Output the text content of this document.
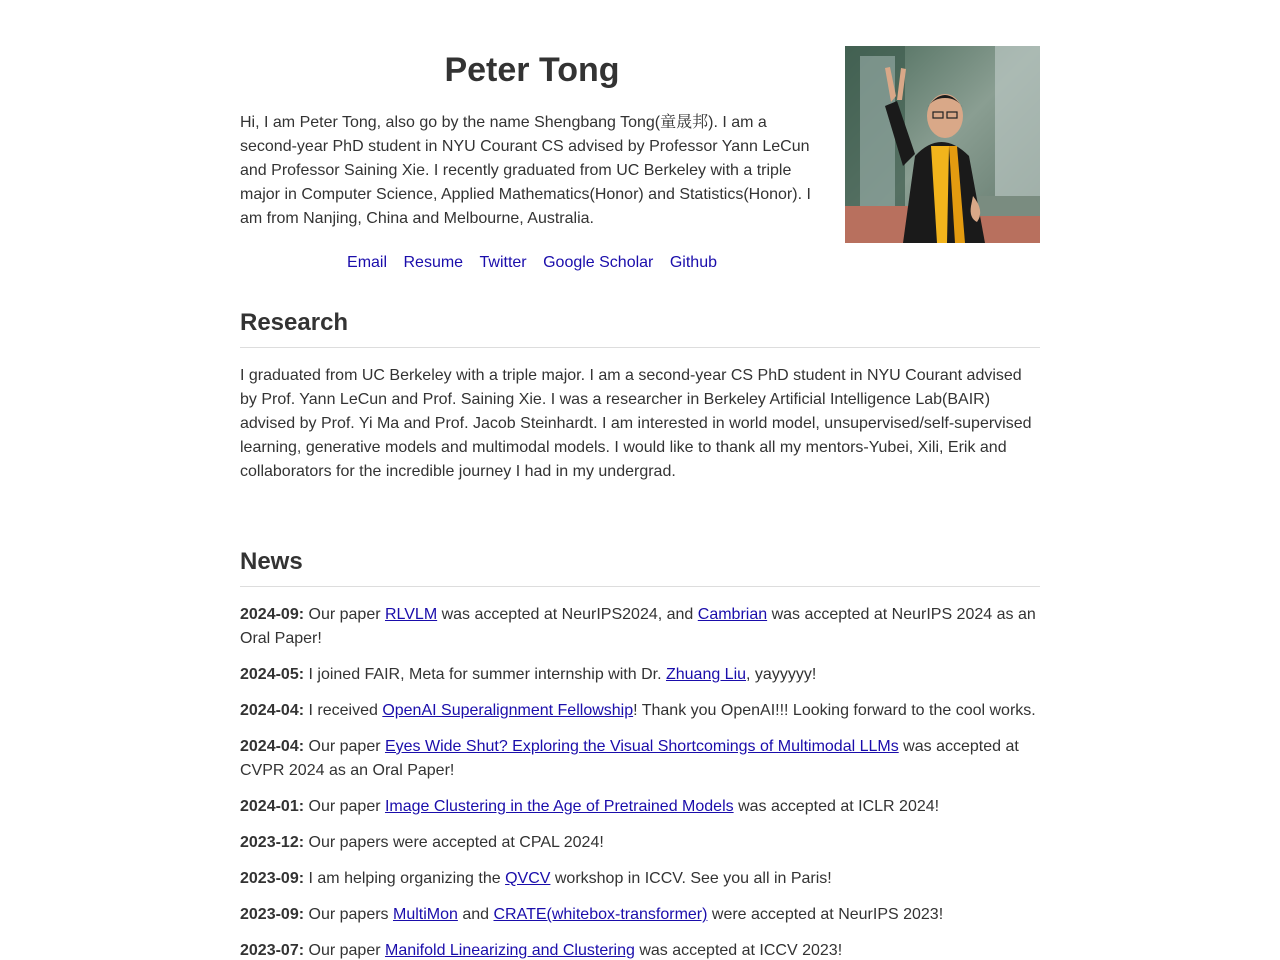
Peter Tong

Hi, I am Peter Tong, also go by the name Shengbang Tong(童晟邦). I am a second-year PhD student in NYU Courant CS advised by Professor Yann LeCun and Professor Saining Xie. I recently graduated from UC Berkeley with a triple major in Computer Science, Applied Mathematics(Honor) and Statistics(Honor). I am from Nanjing, China and Melbourne, Australia.

Email Resume Twitter Google Scholar Github
Research

I graduated from UC Berkeley with a triple major. I am a second-year CS PhD student in NYU Courant advised by Prof. Yann LeCun and Prof. Saining Xie. I was a researcher in Berkeley Artificial Intelligence Lab(BAIR) advised by Prof. Yi Ma and Prof. Jacob Steinhardt. I am interested in world model, unsupervised/self-supervised learning, generative models and multimodal models. I would like to thank all my mentors-Yubei, Xili, Erik and collaborators for the incredible journey I had in my undergrad.

News
2024-09: Our paper RLVLM was accepted at NeurIPS2024, and Cambrian was accepted at NeurIPS 2024 as an Oral Paper!
2024-05: I joined FAIR, Meta for summer internship with Dr. Zhuang Liu, yayyyyy!
2024-04: I received OpenAI Superalignment Fellowship! Thank you OpenAI!!! Looking forward to the cool works.
2024-04: Our paper Eyes Wide Shut? Exploring the Visual Shortcomings of Multimodal LLMs was accepted at CVPR 2024 as an Oral Paper!
2024-01: Our paper Image Clustering in the Age of Pretrained Models was accepted at ICLR 2024!
2023-12: Our papers were accepted at CPAL 2024!
2023-09: I am helping organizing the QVCV workshop in ICCV. See you all in Paris!
2023-09: Our papers MultiMon and CRATE(whitebox-transformer) were accepted at NeurIPS 2023!
2023-07: Our paper Manifold Linearizing and Clustering was accepted at ICCV 2023!
